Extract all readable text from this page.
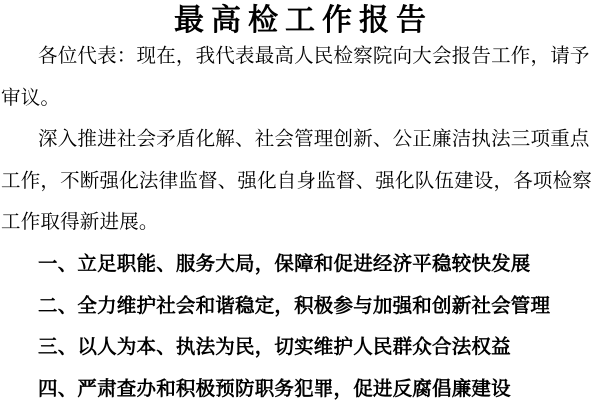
最高检工作报告
各位代表：现在，我代表最高人民检察院向大会报告工作，请予
审议。
深入推进社会矛盾化解、社会管理创新、公正廉洁执法三项重点
工作，不断强化法律监督、强化自身监督、强化队伍建设，各项检察
工作取得新进展。
一、立足职能、服务大局，保障和促进经济平稳较快发展
二、全力维护社会和谐稳定，积极参与加强和创新社会管理
三、以人为本、执法为民，切实维护人民群众合法权益
四、严肃查办和积极预防职务犯罪，促进反腐倡廉建设
